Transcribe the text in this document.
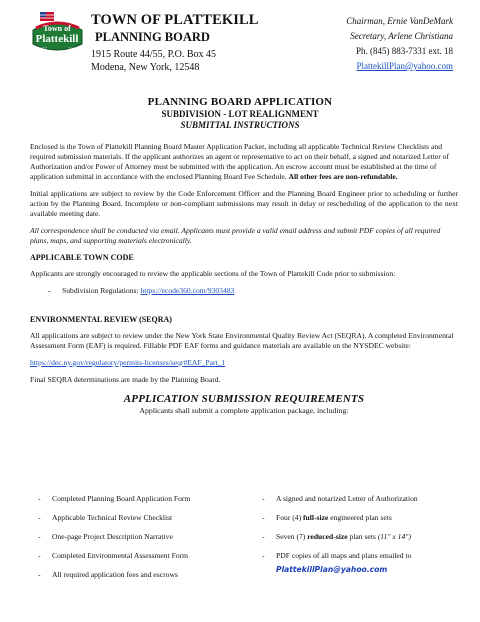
Town of
Plattekill
EST	1800
TOWN OF PLATTEKILL
PLANNING BOARD
1915 Route 44/55, P.O. Box 45
Modena, New York, 12548
Chairman, Ernie VanDeMark
Secretary, Arlene Christiana
Ph. (845) 883-7331 ext. 18
PlattekillPlan@yahoo.com
PLANNING BOARD APPLICATION
SUBDIVISION - LOT REALIGNMENT
SUBMITTAL INSTRUCTIONS

Enclosed is the Town of Plattekill Planning Board Master Application Packet, including all applicable Technical Review Checklists and required submission materials. If the applicant authorizes an agent or representative to act on their behalf, a signed and notarized Letter of Authorization and/or Power of Attorney must be submitted with the application. An escrow account must be established at the time of application submittal in accordance with the enclosed Planning Board Fee Schedule. All other fees are non-refundable.

Initial applications are subject to review by the Code Enforcement Officer and the Planning Board Engineer prior to scheduling or further action by the Planning Board. Incomplete or non-compliant submissions may result in delay or rescheduling of the application to the next available meeting date.

All correspondence shall be conducted via email. Applicants must provide a valid email address and submit PDF copies of all required plans, maps, and supporting materials electronically.

APPLICABLE TOWN CODE

Applicants are strongly encouraged to review the applicable sections of the Town of Plattekill Code prior to submission:

- Subdivision Regulations: https://ecode360.com/9303483
ENVIRONMENTAL REVIEW (SEQRA)

All applications are subject to review under the New York State Environmental Quality Review Act (SEQRA). A completed Environmental Assessment Form (EAF) is required. Fillable PDF EAF forms and guidance materials are available on the NYSDEC website:

https://dec.ny.gov/regulatory/permits-licenses/seqr#EAF_Part_1

Final SEQRA determinations are made by the Planning Board.

APPLICATION SUBMISSION REQUIREMENTS
Applicants shall submit a complete application package, including:
- Completed Planning Board Application Form
- Applicable Technical Review Checklist
- One-page Project Description Narrative
- Completed Environmental Assessment Form
- All required application fees and escrows
- A signed and notarized Letter of Authorization
- Four (4) full-size engineered plan sets
- Seven (7) reduced-size plan sets (11" x 14")
- PDF copies of all maps and plans emailed to
PlattekillPlan@yahoo.com
